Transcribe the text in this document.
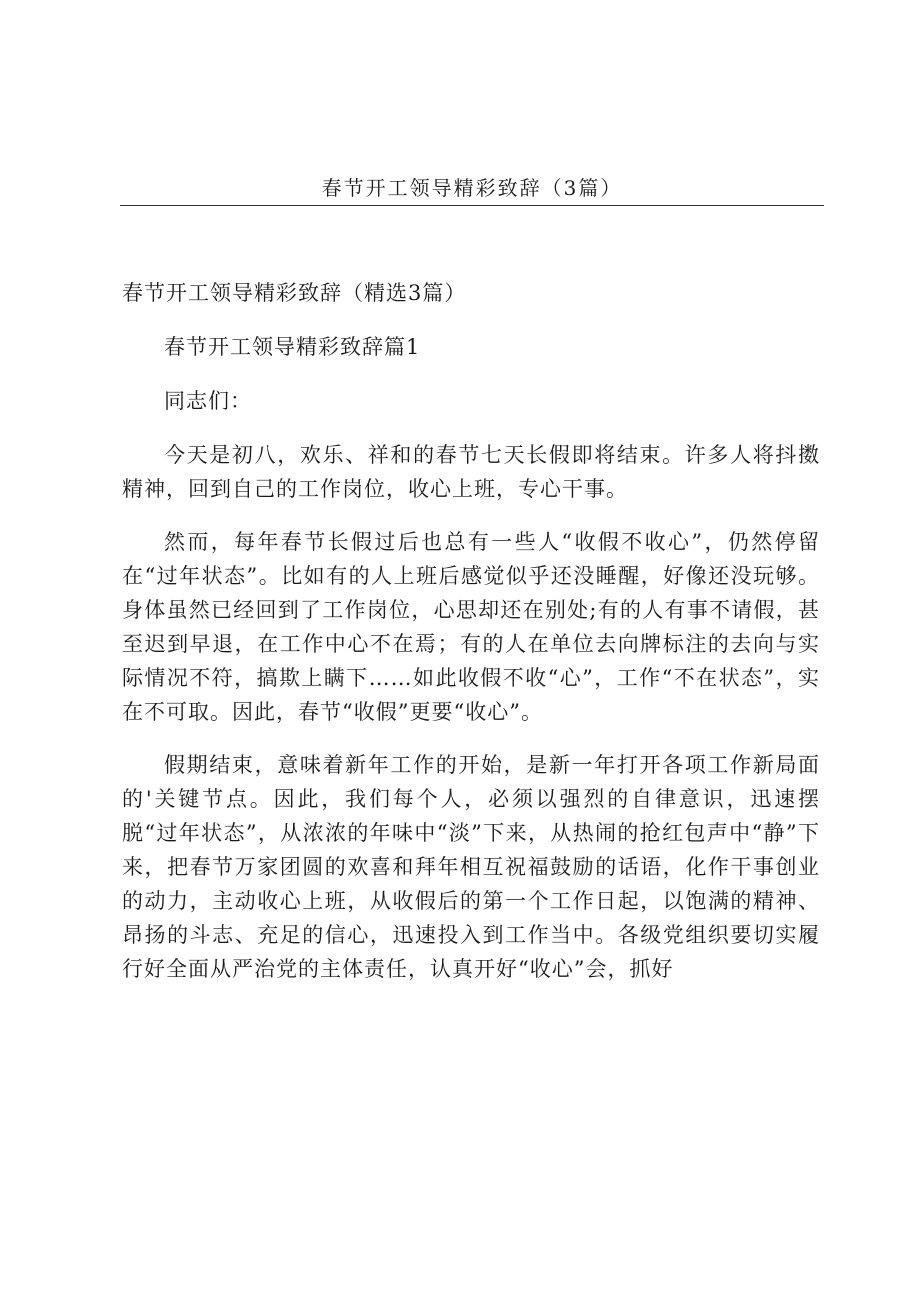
春节开工领导精彩致辞（3篇）

春节开工领导精彩致辞（精选3篇）

春节开工领导精彩致辞篇1

同志们：

今天是初八，欢乐、祥和的春节七天长假即将结束。许多人将抖擞精神，回到自己的工作岗位，收心上班，专心干事。

然而，每年春节长假过后也总有一些人“收假不收心”，仍然停留在“过年状态”。比如有的人上班后感觉似乎还没睡醒，好像还没玩够。身体虽然已经回到了工作岗位，心思却还在别处;有的人有事不请假，甚至迟到早退，在工作中心不在焉；有的人在单位去向牌标注的去向与实际情况不符，搞欺上瞒下……如此收假不收“心”，工作“不在状态”，实在不可取。因此，春节“收假”更要“收心”。

假期结束，意味着新年工作的开始，是新一年打开各项工作新局面的'关键节点。因此，我们每个人，必须以强烈的自律意识，迅速摆脱“过年状态”，从浓浓的年味中“淡”下来，从热闹的抢红包声中“静”下来，把春节万家团圆的欢喜和拜年相互祝福鼓励的话语，化作干事创业的动力，主动收心上班，从收假后的第一个工作日起，以饱满的精神、昂扬的斗志、充足的信心，迅速投入到工作当中。各级党组织要切实履行好全面从严治党的主体责任，认真开好“收心”会，抓好
